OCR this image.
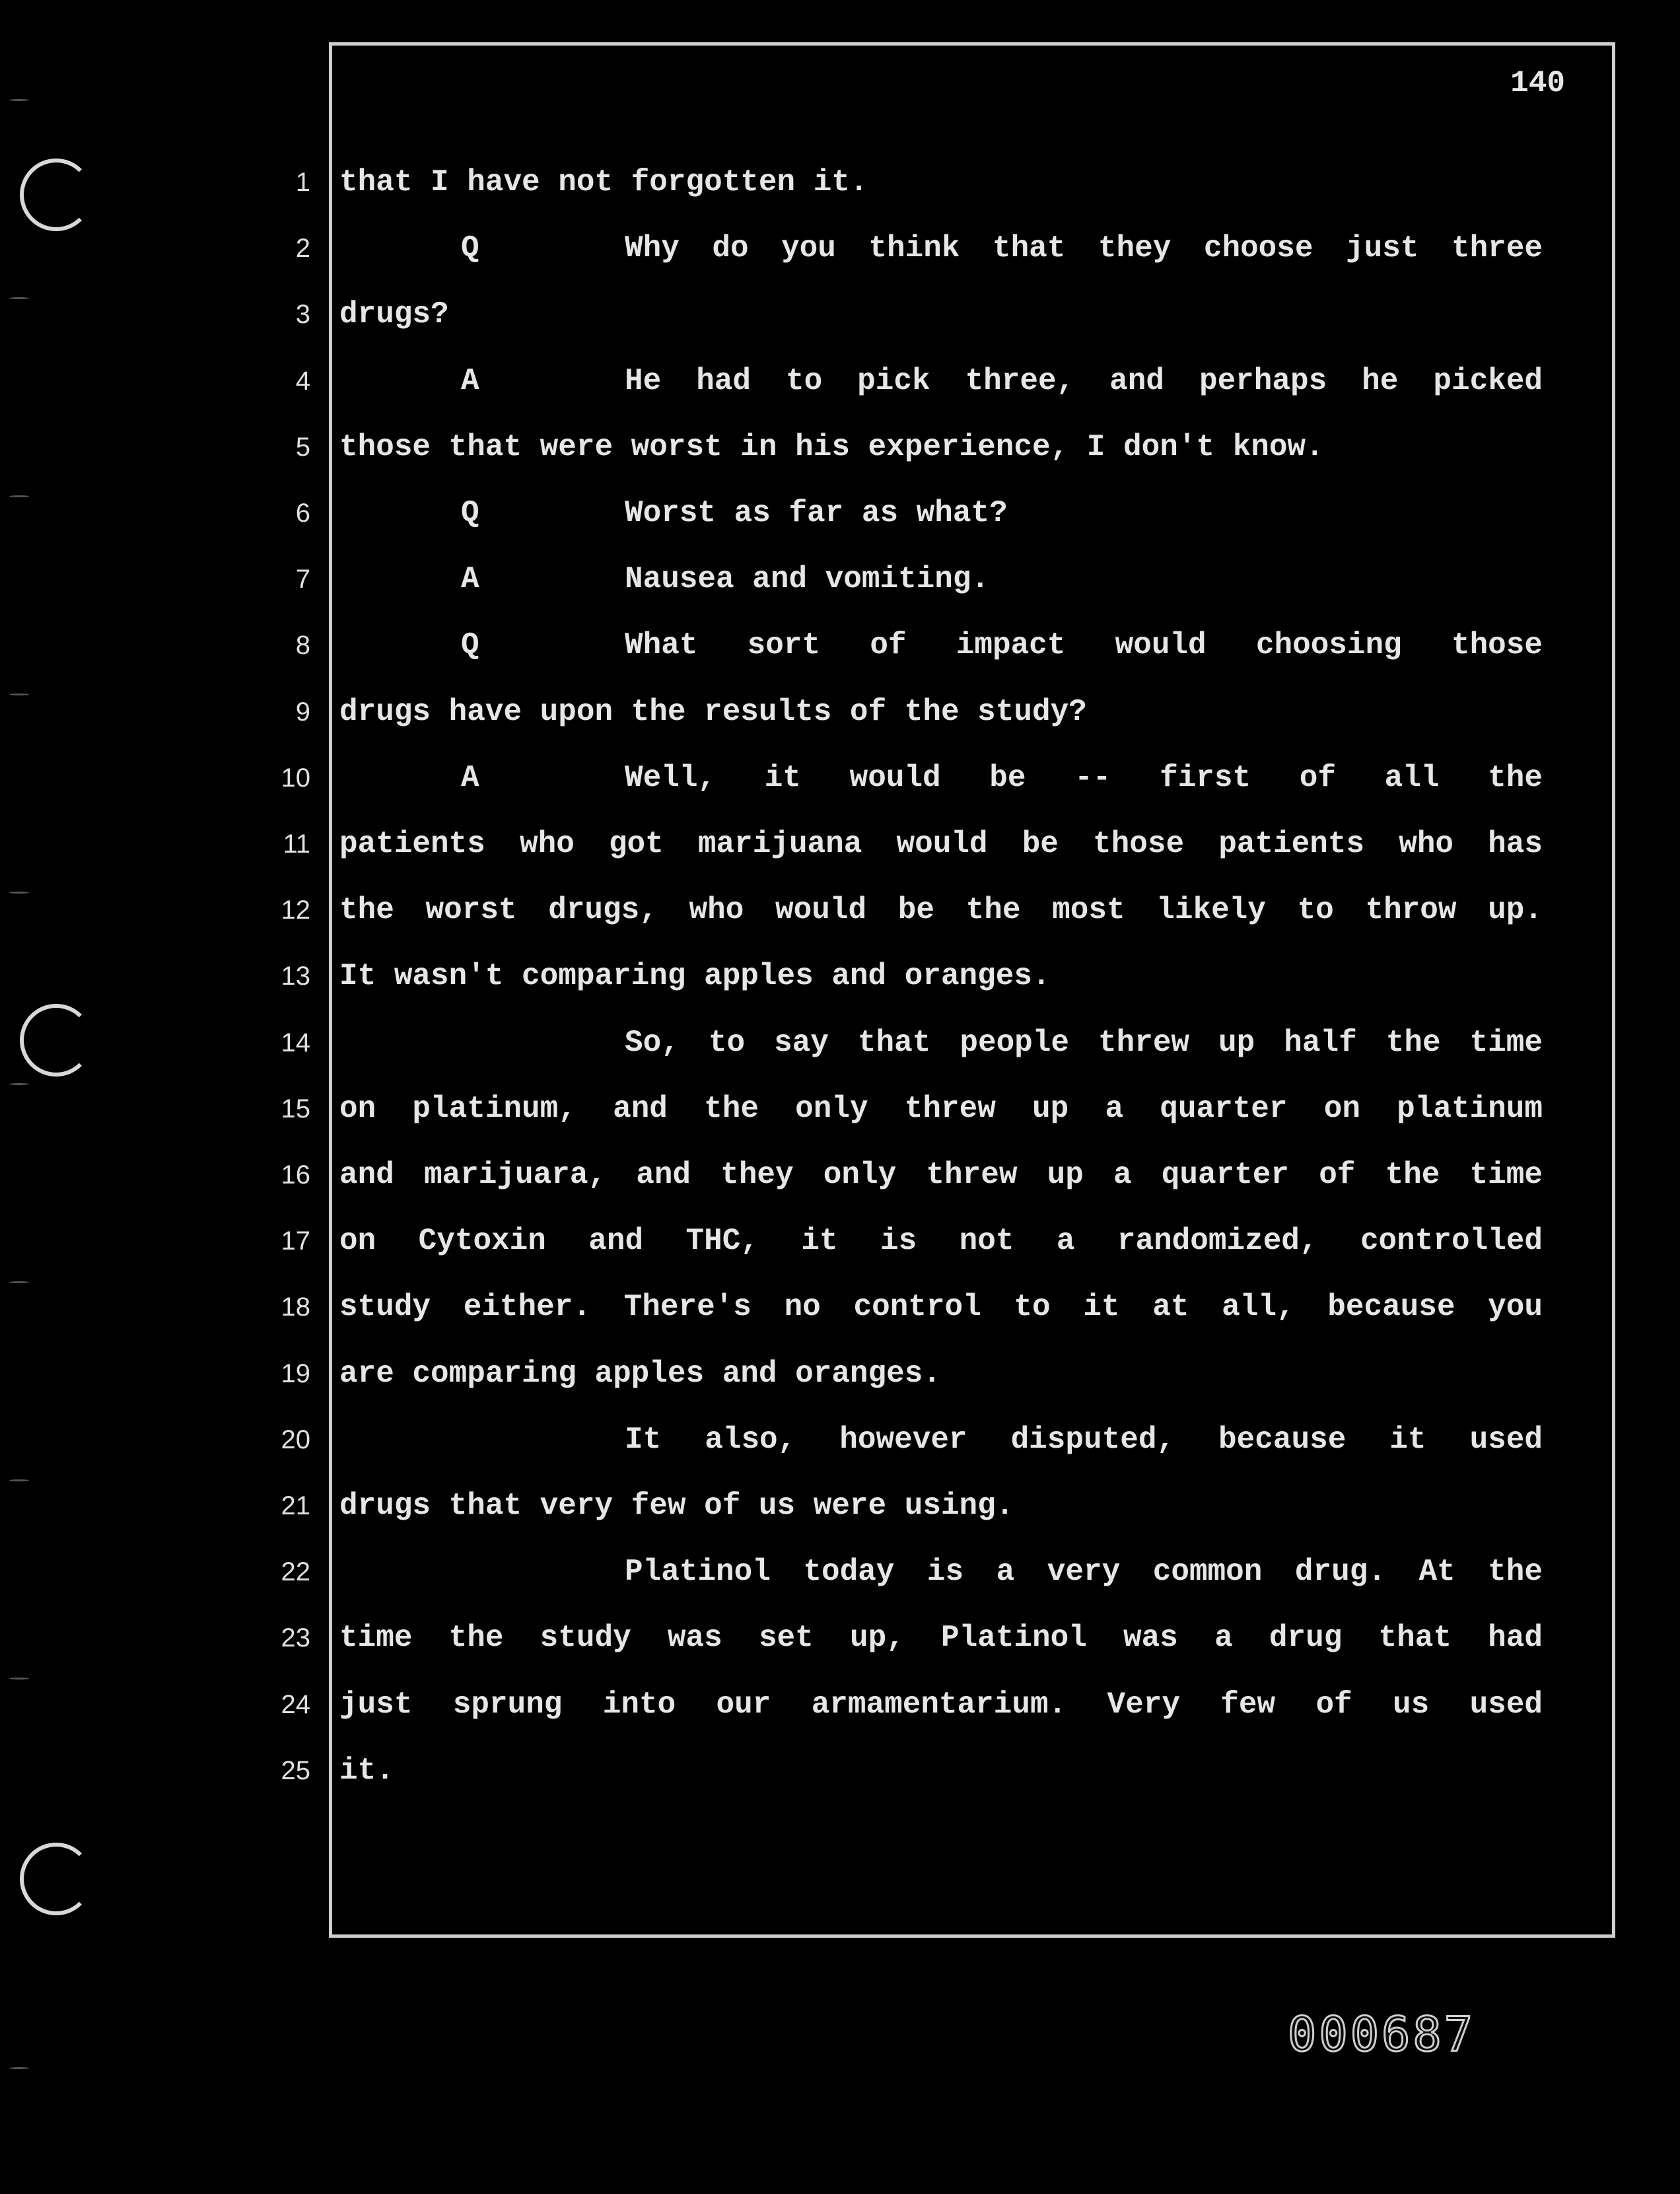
140
1 that I have not forgotten it.
2	Q	Why do you think that they choose just three
3 drugs?
4	A	He had to pick three, and perhaps he picked
5 those that were worst in his experience, I don't know.
6	Q	Worst as far as what?
7	A	Nausea and vomiting.
8	Q	What sort of impact would choosing those
9 drugs have upon the results of the study?
10	A	Well, it would be -- first of all the
11 patients who got marijuana would be those patients who has
12 the worst drugs, who would be the most likely to throw up.
13 It wasn't comparing apples and oranges.
14	So, to say that people threw up half the time
15 on platinum, and the only threw up a quarter on platinum
16 and marijuara, and they only threw up a quarter of the time
17 on Cytoxin and THC, it is not a randomized, controlled
18 study either. There's no control to it at all, because you
19 are comparing apples and oranges.
20	It also, however disputed, because it used
21 drugs that very few of us were using.
22	Platinol today is a very common drug. At the
23 time the study was set up, Platinol was a drug that had
24 just sprung into our armamentarium. Very few of us used
25 it.
000687
